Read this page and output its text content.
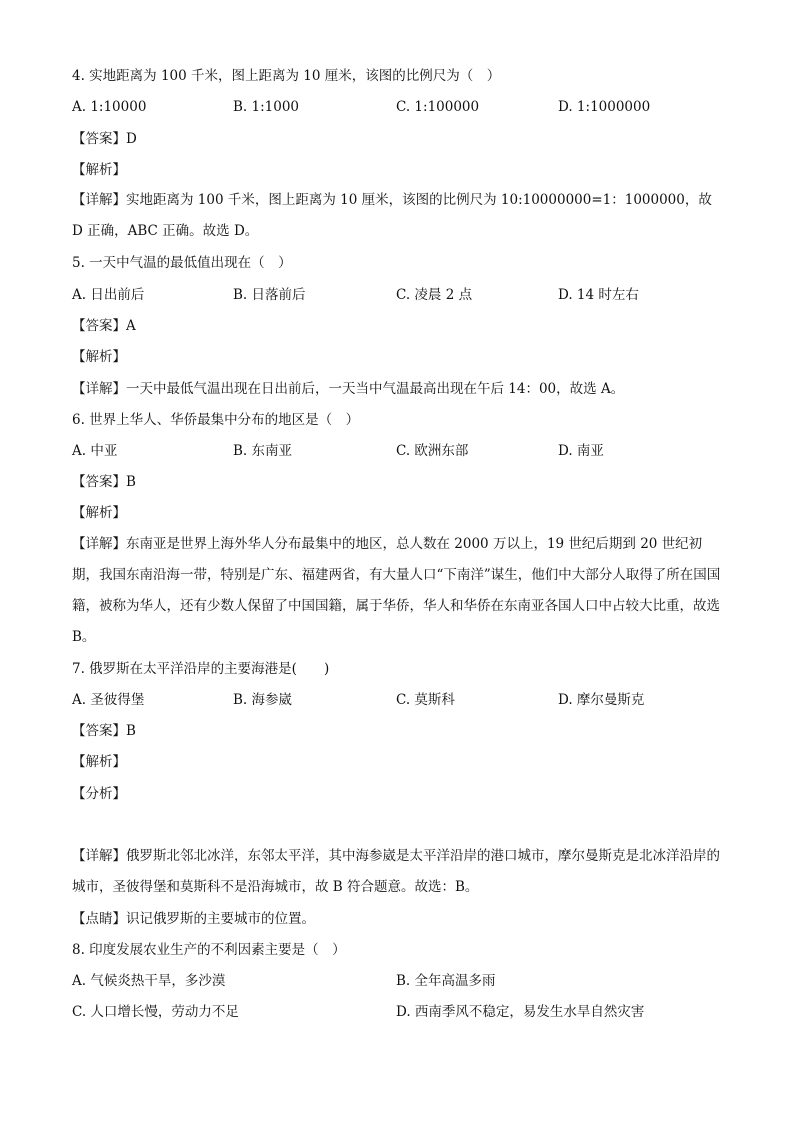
4. 实地距离为 100 千米，图上距离为 10 厘米，该图的比例尺为（　）
A. 1:10000	B. 1:1000	C. 1:100000	D. 1:1000000
【答案】D
【解析】
【详解】实地距离为 100 千米，图上距离为 10 厘米，该图的比例尺为 10:10000000=1：1000000，故 D 正确，ABC 正确。故选 D。
5. 一天中气温的最低值出现在（　）
A. 日出前后	B. 日落前后	C. 凌晨 2 点	D. 14 时左右
【答案】A
【解析】
【详解】一天中最低气温出现在日出前后，一天当中气温最高出现在午后 14：00，故选 A。
6. 世界上华人、华侨最集中分布的地区是（　）
A. 中亚	B. 东南亚	C. 欧洲东部	D. 南亚
【答案】B
【解析】
【详解】东南亚是世界上海外华人分布最集中的地区，总人数在 2000 万以上，19 世纪后期到 20 世纪初期，我国东南沿海一带，特别是广东、福建两省，有大量人口“下南洋”谋生，他们中大部分人取得了所在国国籍，被称为华人，还有少数人保留了中国国籍，属于华侨，华人和华侨在东南亚各国人口中占较大比重，故选 B。
7. 俄罗斯在太平洋沿岸的主要海港是(　　)
A. 圣彼得堡	B. 海参崴	C. 莫斯科	D. 摩尔曼斯克
【答案】B
【解析】
【分析】
【详解】俄罗斯北邻北冰洋，东邻太平洋，其中海参崴是太平洋沿岸的港口城市，摩尔曼斯克是北冰洋沿岸的城市，圣彼得堡和莫斯科不是沿海城市，故 B 符合题意。故选：B。
【点睛】识记俄罗斯的主要城市的位置。
8. 印度发展农业生产的不利因素主要是（　）
A. 气候炎热干旱，多沙漠	B. 全年高温多雨
C. 人口增长慢，劳动力不足	D. 西南季风不稳定，易发生水旱自然灾害
